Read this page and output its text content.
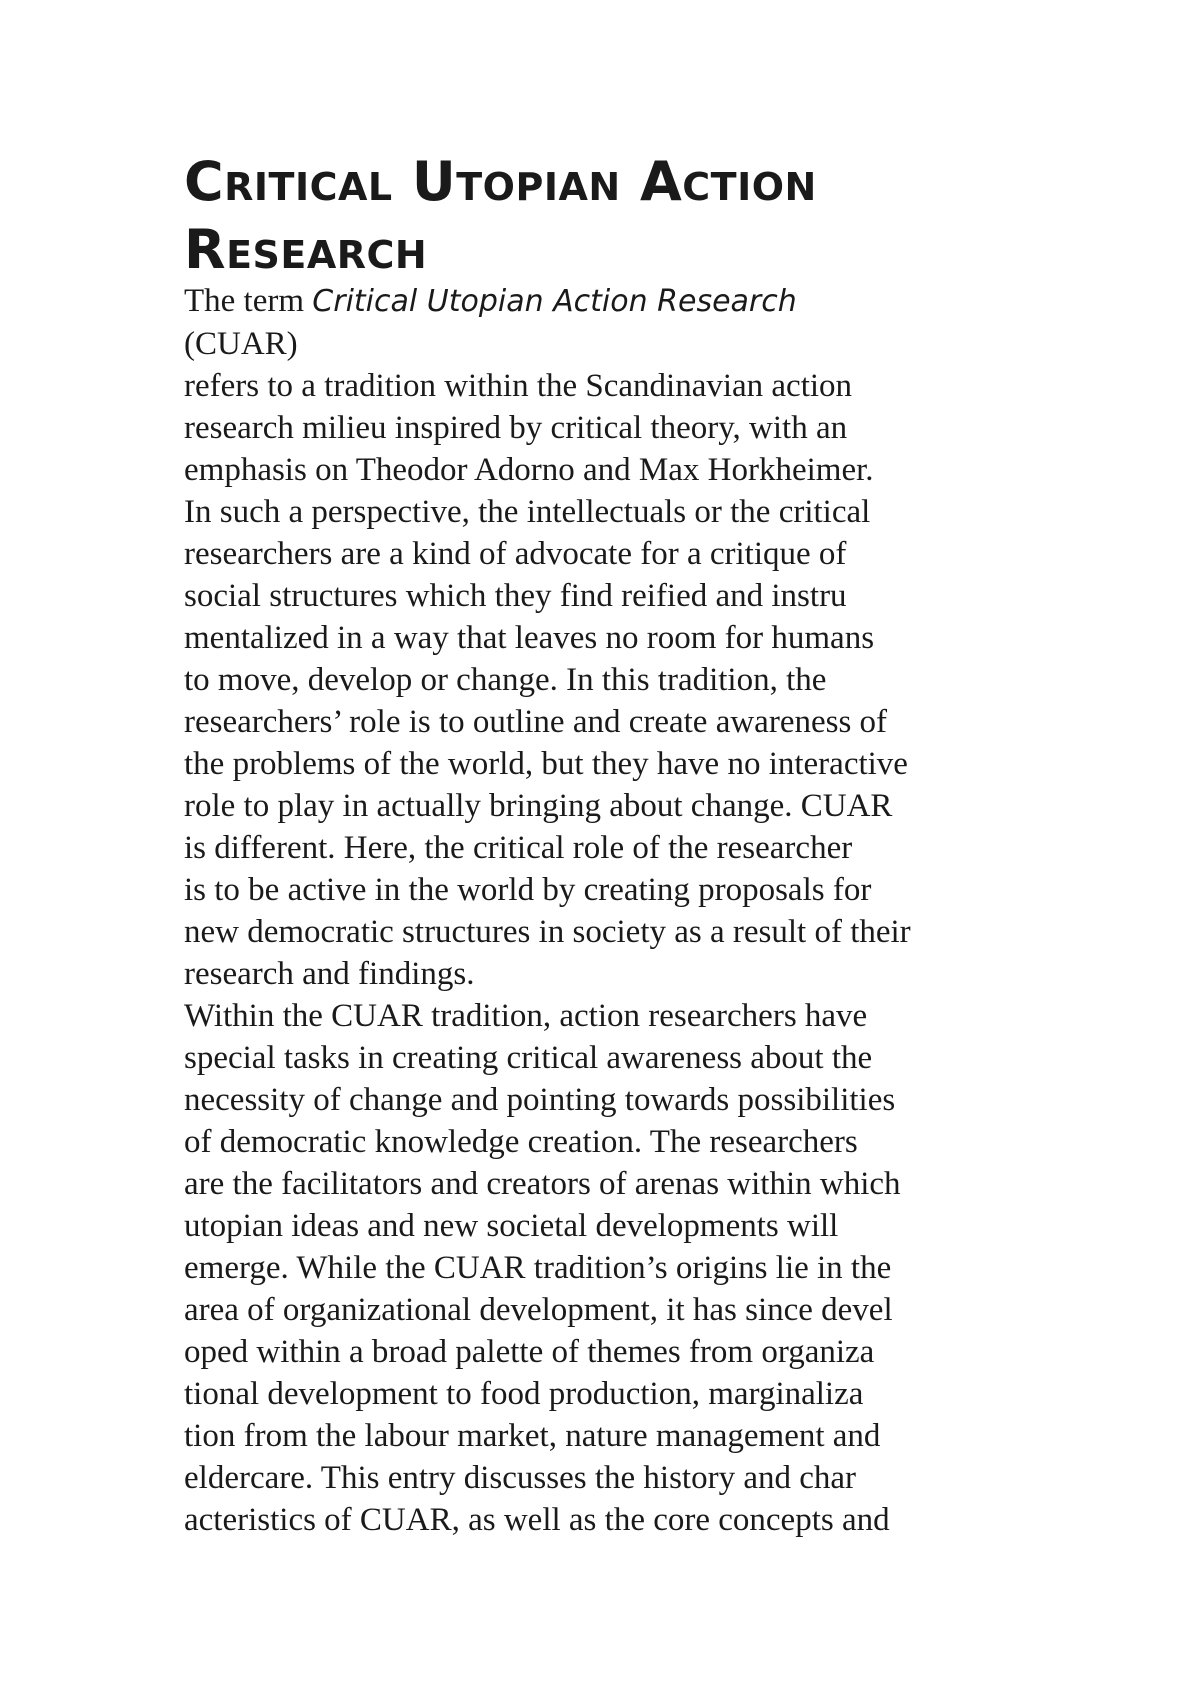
Critical Utopian Action
Research
The term Critical Utopian Action Research
(CUAR)
refers to a tradition within the Scandinavian action
research milieu inspired by critical theory, with an
emphasis on Theodor Adorno and Max Horkheimer.
In such a perspective, the intellectuals or the critical
researchers are a kind of advocate for a critique of
social structures which they find reified and instru
mentalized in a way that leaves no room for humans
to move, develop or change. In this tradition, the
researchers’ role is to outline and create awareness of
the problems of the world, but they have no interactive
role to play in actually bringing about change. CUAR
is different. Here, the critical role of the researcher
is to be active in the world by creating proposals for
new democratic structures in society as a result of their
research and findings.
Within the CUAR tradition, action researchers have
special tasks in creating critical awareness about the
necessity of change and pointing towards possibilities
of democratic knowledge creation. The researchers
are the facilitators and creators of arenas within which
utopian ideas and new societal developments will
emerge. While the CUAR tradition’s origins lie in the
area of organizational development, it has since devel
oped within a broad palette of themes from organiza
tional development to food production, marginaliza
tion from the labour market, nature management and
eldercare. This entry discusses the history and char
acteristics of CUAR, as well as the core concepts and
